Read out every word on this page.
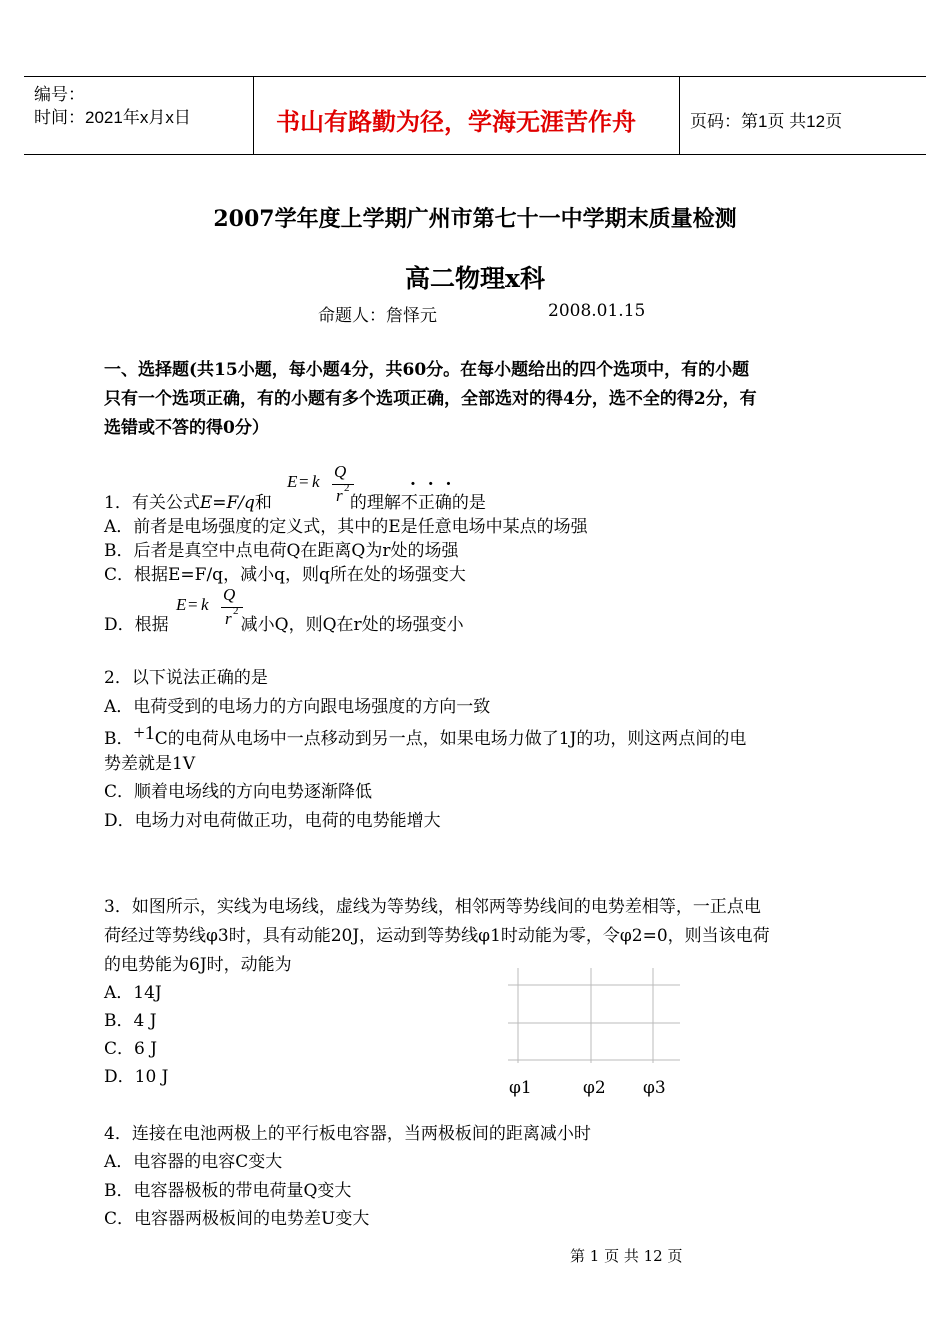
编号：
时间：2021年x月x日	书山有路勤为径，学海无涯苦作舟	页码：第1页 共12页
2007学年度上学期广州市第七十一中学期末质量检测
高二物理x科
命题人：詹怿元	2008.01.15
一、选择题(共15小题，每小题4分，共60分。在每小题给出的四个选项中，有的小题
只有一个选项正确，有的小题有多个选项正确，全部选对的得4分，选不全的得2分，有
选错或不答的得0分）
E = k
Q
r 2	.  .  .
1．有关公式E=F/q和	的理解不正确的是
A．前者是电场强度的定义式，其中的E是任意电场中某点的场强
B．后者是真空中点电荷Q在距离Q为r处的场强
C．根据E=F/q，减小q，则q所在处的场强变大
E = k
Q
r 2
D．根据	减小Q，则Q在r处的场强变小
2．以下说法正确的是
A．电荷受到的电场力的方向跟电场强度的方向一致
B．+1C的电荷从电场中一点移动到另一点，如果电场力做了1J的功，则这两点间的电
势差就是1V
C．顺着电场线的方向电势逐渐降低
D．电场力对电荷做正功，电荷的电势能增大
3．如图所示，实线为电场线，虚线为等势线，相邻两等势线间的电势差相等，一正点电
荷经过等势线φ3时，具有动能20J，运动到等势线φ1时动能为零，令φ2=0，则当该电荷
的电势能为6J时，动能为
A．14J
B．4 J
C．6 J
D．10 J
φ1	φ2 φ3
4．连接在电池两极上的平行板电容器，当两极板间的距离减小时
A．电容器的电容C变大
B．电容器极板的带电荷量Q变大
C．电容器两极板间的电势差U变大
第 1 页 共 12 页
